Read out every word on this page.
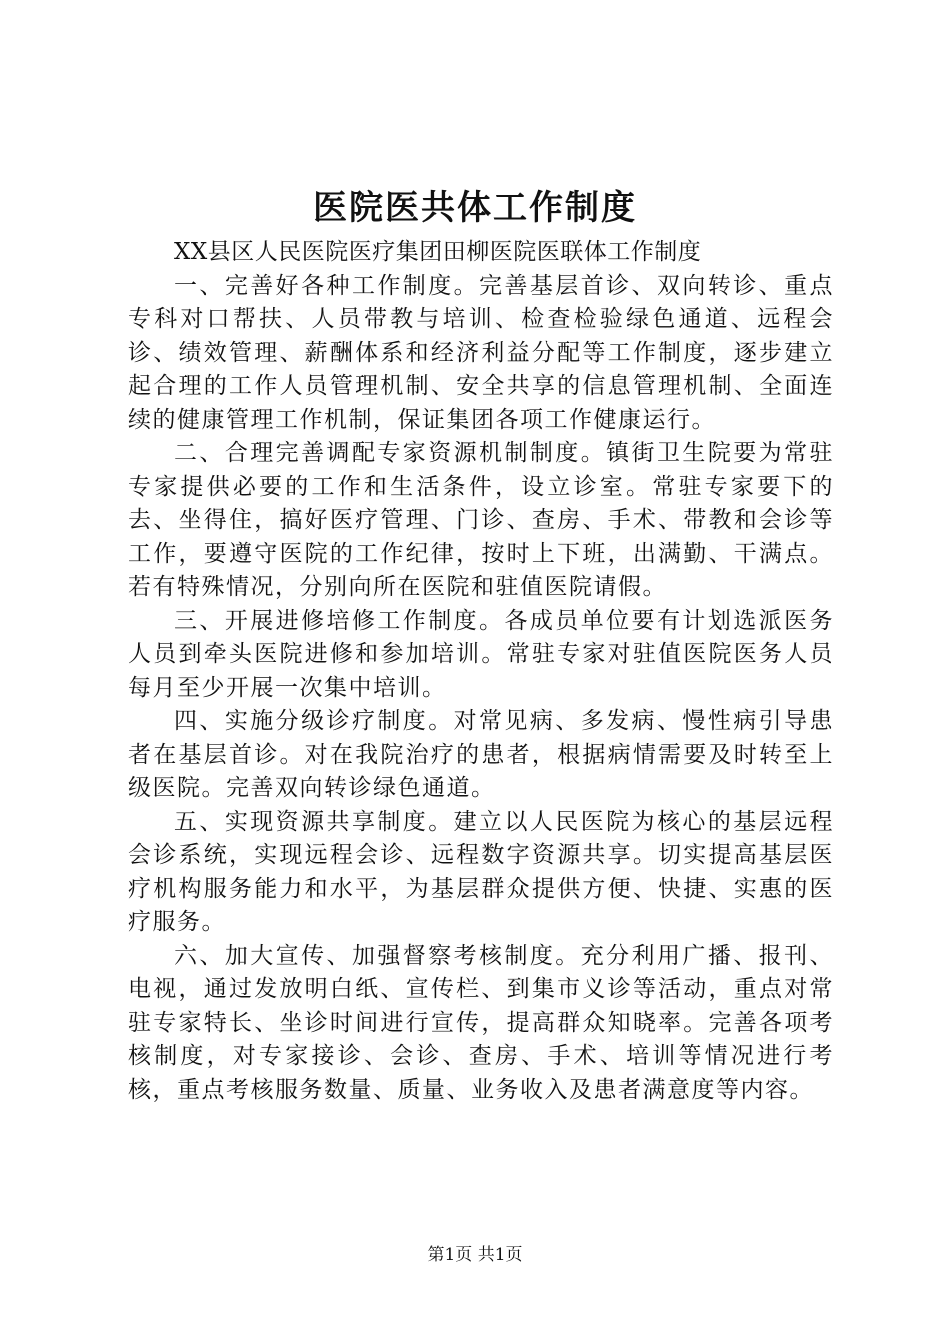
医院医共体工作制度

XX县区人民医院医疗集团田柳医院医联体工作制度

一、完善好各种工作制度。完善基层首诊、双向转诊、重点专科对口帮扶、人员带教与培训、检查检验绿色通道、远程会诊、绩效管理、薪酬体系和经济利益分配等工作制度，逐步建立起合理的工作人员管理机制、安全共享的信息管理机制、全面连续的健康管理工作机制，保证集团各项工作健康运行。

二、合理完善调配专家资源机制制度。镇街卫生院要为常驻专家提供必要的工作和生活条件，设立诊室。常驻专家要下的去、坐得住，搞好医疗管理、门诊、查房、手术、带教和会诊等工作，要遵守医院的工作纪律，按时上下班，出满勤、干满点。若有特殊情况，分别向所在医院和驻值医院请假。

三、开展进修培修工作制度。各成员单位要有计划选派医务人员到牵头医院进修和参加培训。常驻专家对驻值医院医务人员每月至少开展一次集中培训。

四、实施分级诊疗制度。对常见病、多发病、慢性病引导患者在基层首诊。对在我院治疗的患者，根据病情需要及时转至上级医院。完善双向转诊绿色通道。

五、实现资源共享制度。建立以人民医院为核心的基层远程会诊系统，实现远程会诊、远程数字资源共享。切实提高基层医疗机构服务能力和水平，为基层群众提供方便、快捷、实惠的医疗服务。

六、加大宣传、加强督察考核制度。充分利用广播、报刊、电视，通过发放明白纸、宣传栏、到集市义诊等活动，重点对常驻专家特长、坐诊时间进行宣传，提高群众知晓率。完善各项考核制度，对专家接诊、会诊、查房、手术、培训等情况进行考核，重点考核服务数量、质量、业务收入及患者满意度等内容。

第1页 共1页
